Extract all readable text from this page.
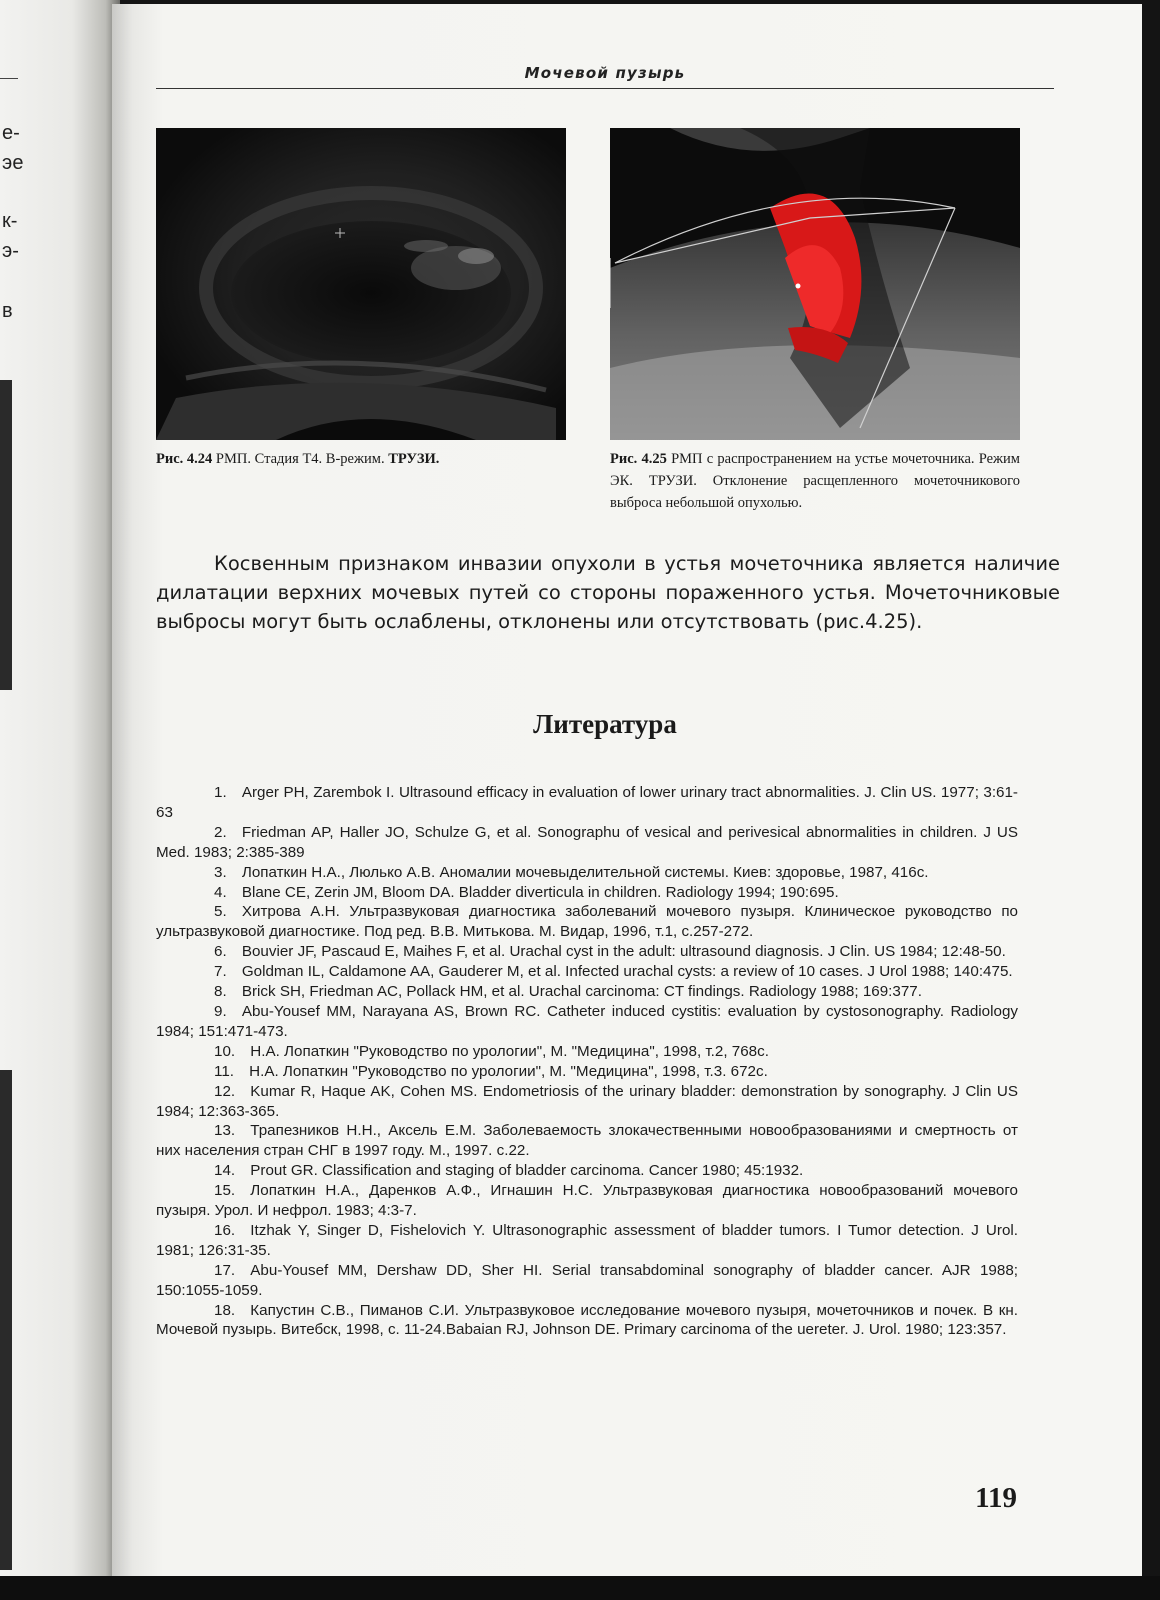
е-
эе
к-
э-
в
Мочевой пузырь
Рис. 4.24 РМП. Стадия Т4. В-режим. ТРУЗИ.	Рис. 4.25 РМП с распространением на устье мочеточника. Режим ЭК. ТРУЗИ. Отклонение расщепленного мочеточникового выброса небольшой опухолью.
Косвенным признаком инвазии опухоли в устья мочеточника является наличие дилатации верхних мочевых путей со стороны пораженного устья. Мочеточниковые выбросы могут быть ослаблены, отклонены или отсутствовать (рис.4.25).
Литература
1. Arger PH, Zarembok I. Ultrasound efficacy in evaluation of lower urinary tract abnormalities. J. Clin US. 1977; 3:61-63
2. Friedman AP, Haller JO, Schulze G, et al. Sonographu of vesical and perivesical abnormalities in children. J US Med. 1983; 2:385-389
3. Лопаткин Н.А., Люлько А.В. Аномалии мочевыделительной системы. Киев: здоровье, 1987, 416с.
4. Blane CE, Zerin JM, Bloom DA. Bladder diverticula in children. Radiology 1994; 190:695.
5. Хитрова А.Н. Ультразвуковая диагностика заболеваний мочевого пузыря. Клиническое руководство по ультразвуковой диагностике. Под ред. В.В. Митькова. М. Видар, 1996, т.1, с.257-272.
6. Bouvier JF, Pascaud E, Maihes F, et al. Urachal cyst in the adult: ultrasound diagnosis. J Clin. US 1984; 12:48-50.
7. Goldman IL, Caldamone AA, Gauderer M, et al. Infected urachal cysts: a review of 10 cases. J Urol 1988; 140:475.
8. Brick SH, Friedman AC, Pollack HM, et al. Urachal carcinoma: CT findings. Radiology 1988; 169:377.
9. Abu-Yousef MM, Narayana AS, Brown RC. Catheter induced cystitis: evaluation by cystosonography. Radiology 1984; 151:471-473.
10. Н.А. Лопаткин "Руководство по урологии", М. "Медицина", 1998, т.2, 768с.
11. Н.А. Лопаткин "Руководство по урологии", М. "Медицина", 1998, т.3. 672с.
12. Kumar R, Haque AK, Cohen MS. Endometriosis of the urinary bladder: demonstration by sonography. J Clin US 1984; 12:363-365.
13. Трапезников Н.Н., Аксель Е.М. Заболеваемость злокачественными новообразованиями и смертность от них населения стран СНГ в 1997 году. М., 1997. с.22.
14. Prout GR. Classification and staging of bladder carcinoma. Cancer 1980; 45:1932.
15. Лопаткин Н.А., Даренков А.Ф., Игнашин Н.С. Ультразвуковая диагностика новообразований мочевого пузыря. Урол. И нефрол. 1983; 4:3-7.
16. Itzhak Y, Singer D, Fishelovich Y. Ultrasonographic assessment of bladder tumors. I Tumor detection. J Urol. 1981; 126:31-35.
17. Abu-Yousef MM, Dershaw DD, Sher HI. Serial transabdominal sonography of bladder cancer. AJR 1988; 150:1055-1059.
18. Капустин С.В., Пиманов С.И. Ультразвуковое исследование мочевого пузыря, мочеточников и почек. В кн. Мочевой пузырь. Витебск, 1998, с. 11-24.Babaian RJ, Johnson DE. Primary carcinoma of the uereter. J. Urol. 1980; 123:357.
119
